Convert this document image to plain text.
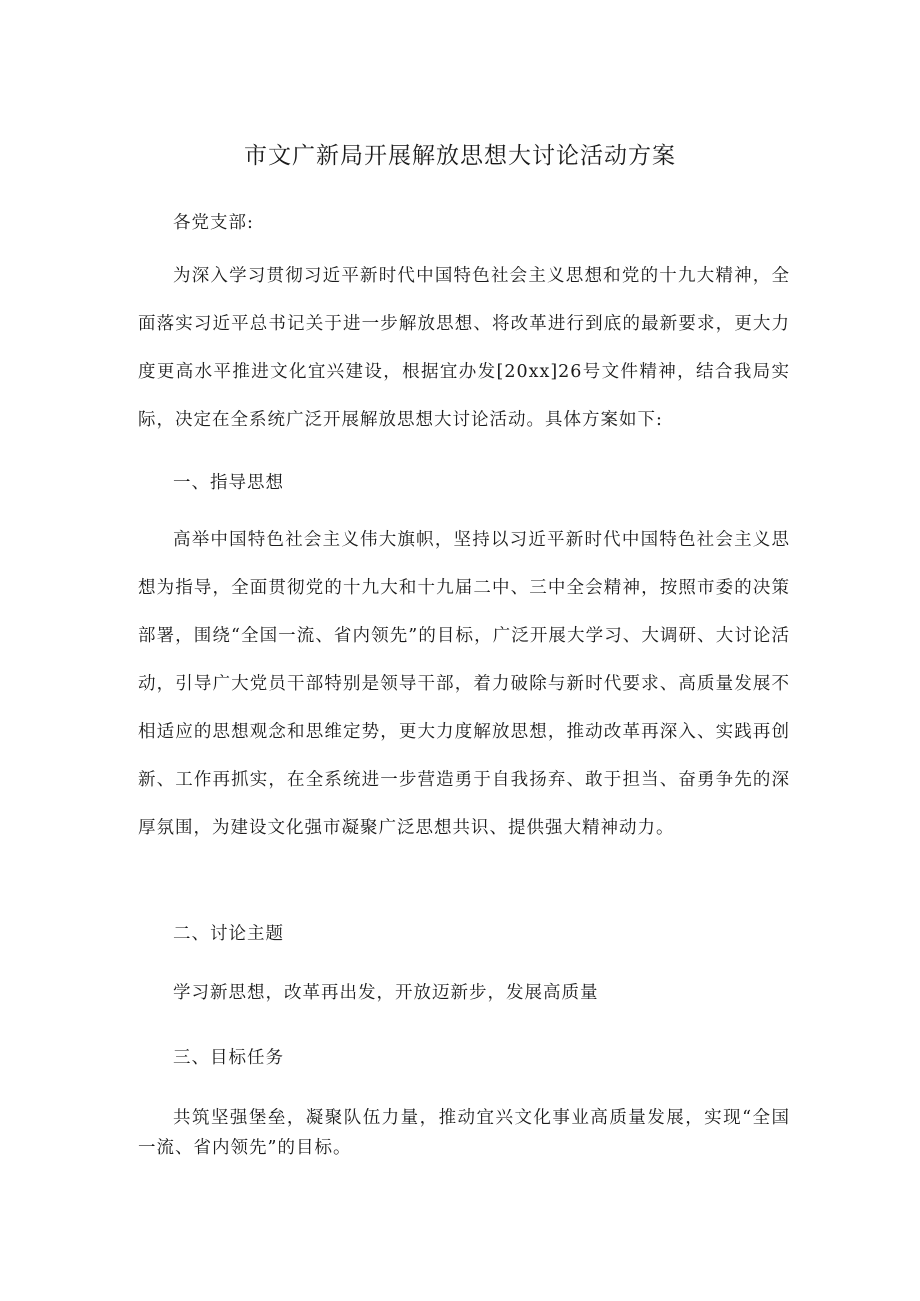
市文广新局开展解放思想大讨论活动方案

各党支部:

为深入学习贯彻习近平新时代中国特色社会主义思想和党的十九大精神，全面落实习近平总书记关于进一步解放思想、将改革进行到底的最新要求，更大力度更高水平推进文化宜兴建设，根据宜办发[20xx]26号文件精神，结合我局实际，决定在全系统广泛开展解放思想大讨论活动。具体方案如下:

一、指导思想

高举中国特色社会主义伟大旗帜，坚持以习近平新时代中国特色社会主义思想为指导，全面贯彻党的十九大和十九届二中、三中全会精神，按照市委的决策部署，围绕“全国一流、省内领先”的目标，广泛开展大学习、大调研、大讨论活动，引导广大党员干部特别是领导干部，着力破除与新时代要求、高质量发展不相适应的思想观念和思维定势，更大力度解放思想，推动改革再深入、实践再创新、工作再抓实，在全系统进一步营造勇于自我扬弃、敢于担当、奋勇争先的深厚氛围，为建设文化强市凝聚广泛思想共识、提供强大精神动力。

二、讨论主题

学习新思想，改革再出发，开放迈新步，发展高质量

三、目标任务

共筑坚强堡垒，凝聚队伍力量，推动宜兴文化事业高质量发展，实现“全国一流、省内领先”的目标。
